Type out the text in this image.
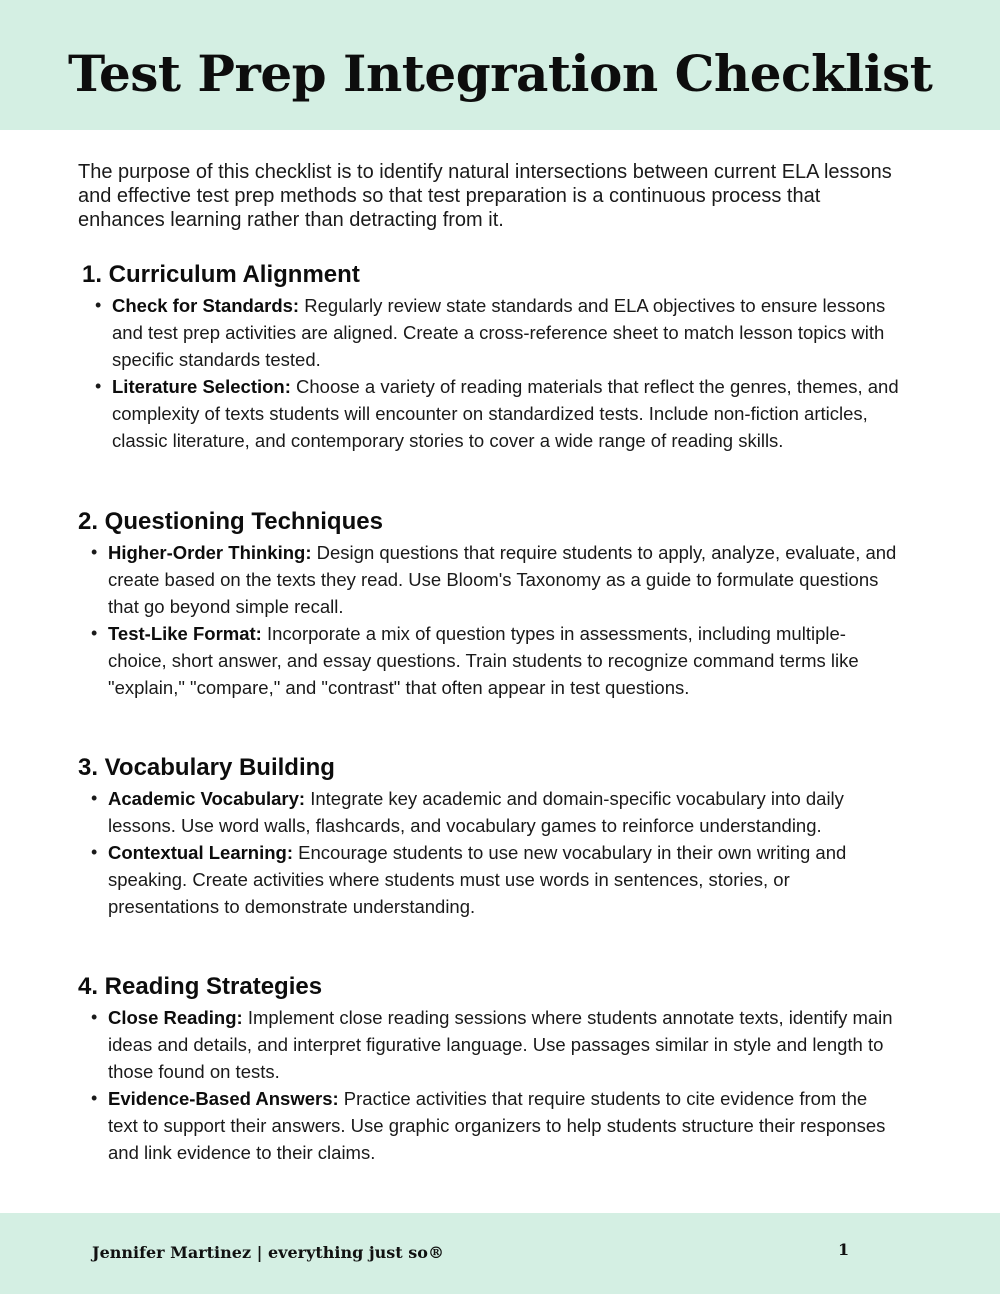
Test Prep Integration Checklist

The purpose of this checklist is to identify natural intersections between current ELA lessons and effective test prep methods so that test preparation is a continuous process that enhances learning rather than detracting from it.

1. Curriculum Alignment
• Check for Standards: Regularly review state standards and ELA objectives to ensure lessons and test prep activities are aligned. Create a cross-reference sheet to match lesson topics with specific standards tested.
• Literature Selection: Choose a variety of reading materials that reflect the genres, themes, and complexity of texts students will encounter on standardized tests. Include non-fiction articles, classic literature, and contemporary stories to cover a wide range of reading skills.
2. Questioning Techniques
• Higher-Order Thinking: Design questions that require students to apply, analyze, evaluate, and create based on the texts they read. Use Bloom's Taxonomy as a guide to formulate questions that go beyond simple recall.
• Test-Like Format: Incorporate a mix of question types in assessments, including multiple-choice, short answer, and essay questions. Train students to recognize command terms like "explain," "compare," and "contrast" that often appear in test questions.
3. Vocabulary Building
• Academic Vocabulary: Integrate key academic and domain-specific vocabulary into daily lessons. Use word walls, flashcards, and vocabulary games to reinforce understanding.
• Contextual Learning: Encourage students to use new vocabulary in their own writing and speaking. Create activities where students must use words in sentences, stories, or presentations to demonstrate understanding.
4. Reading Strategies
• Close Reading: Implement close reading sessions where students annotate texts, identify main ideas and details, and interpret figurative language. Use passages similar in style and length to those found on tests.
• Evidence-Based Answers: Practice activities that require students to cite evidence from the text to support their answers. Use graphic organizers to help students structure their responses and link evidence to their claims.
Jennifer Martinez | everything just so®	1
